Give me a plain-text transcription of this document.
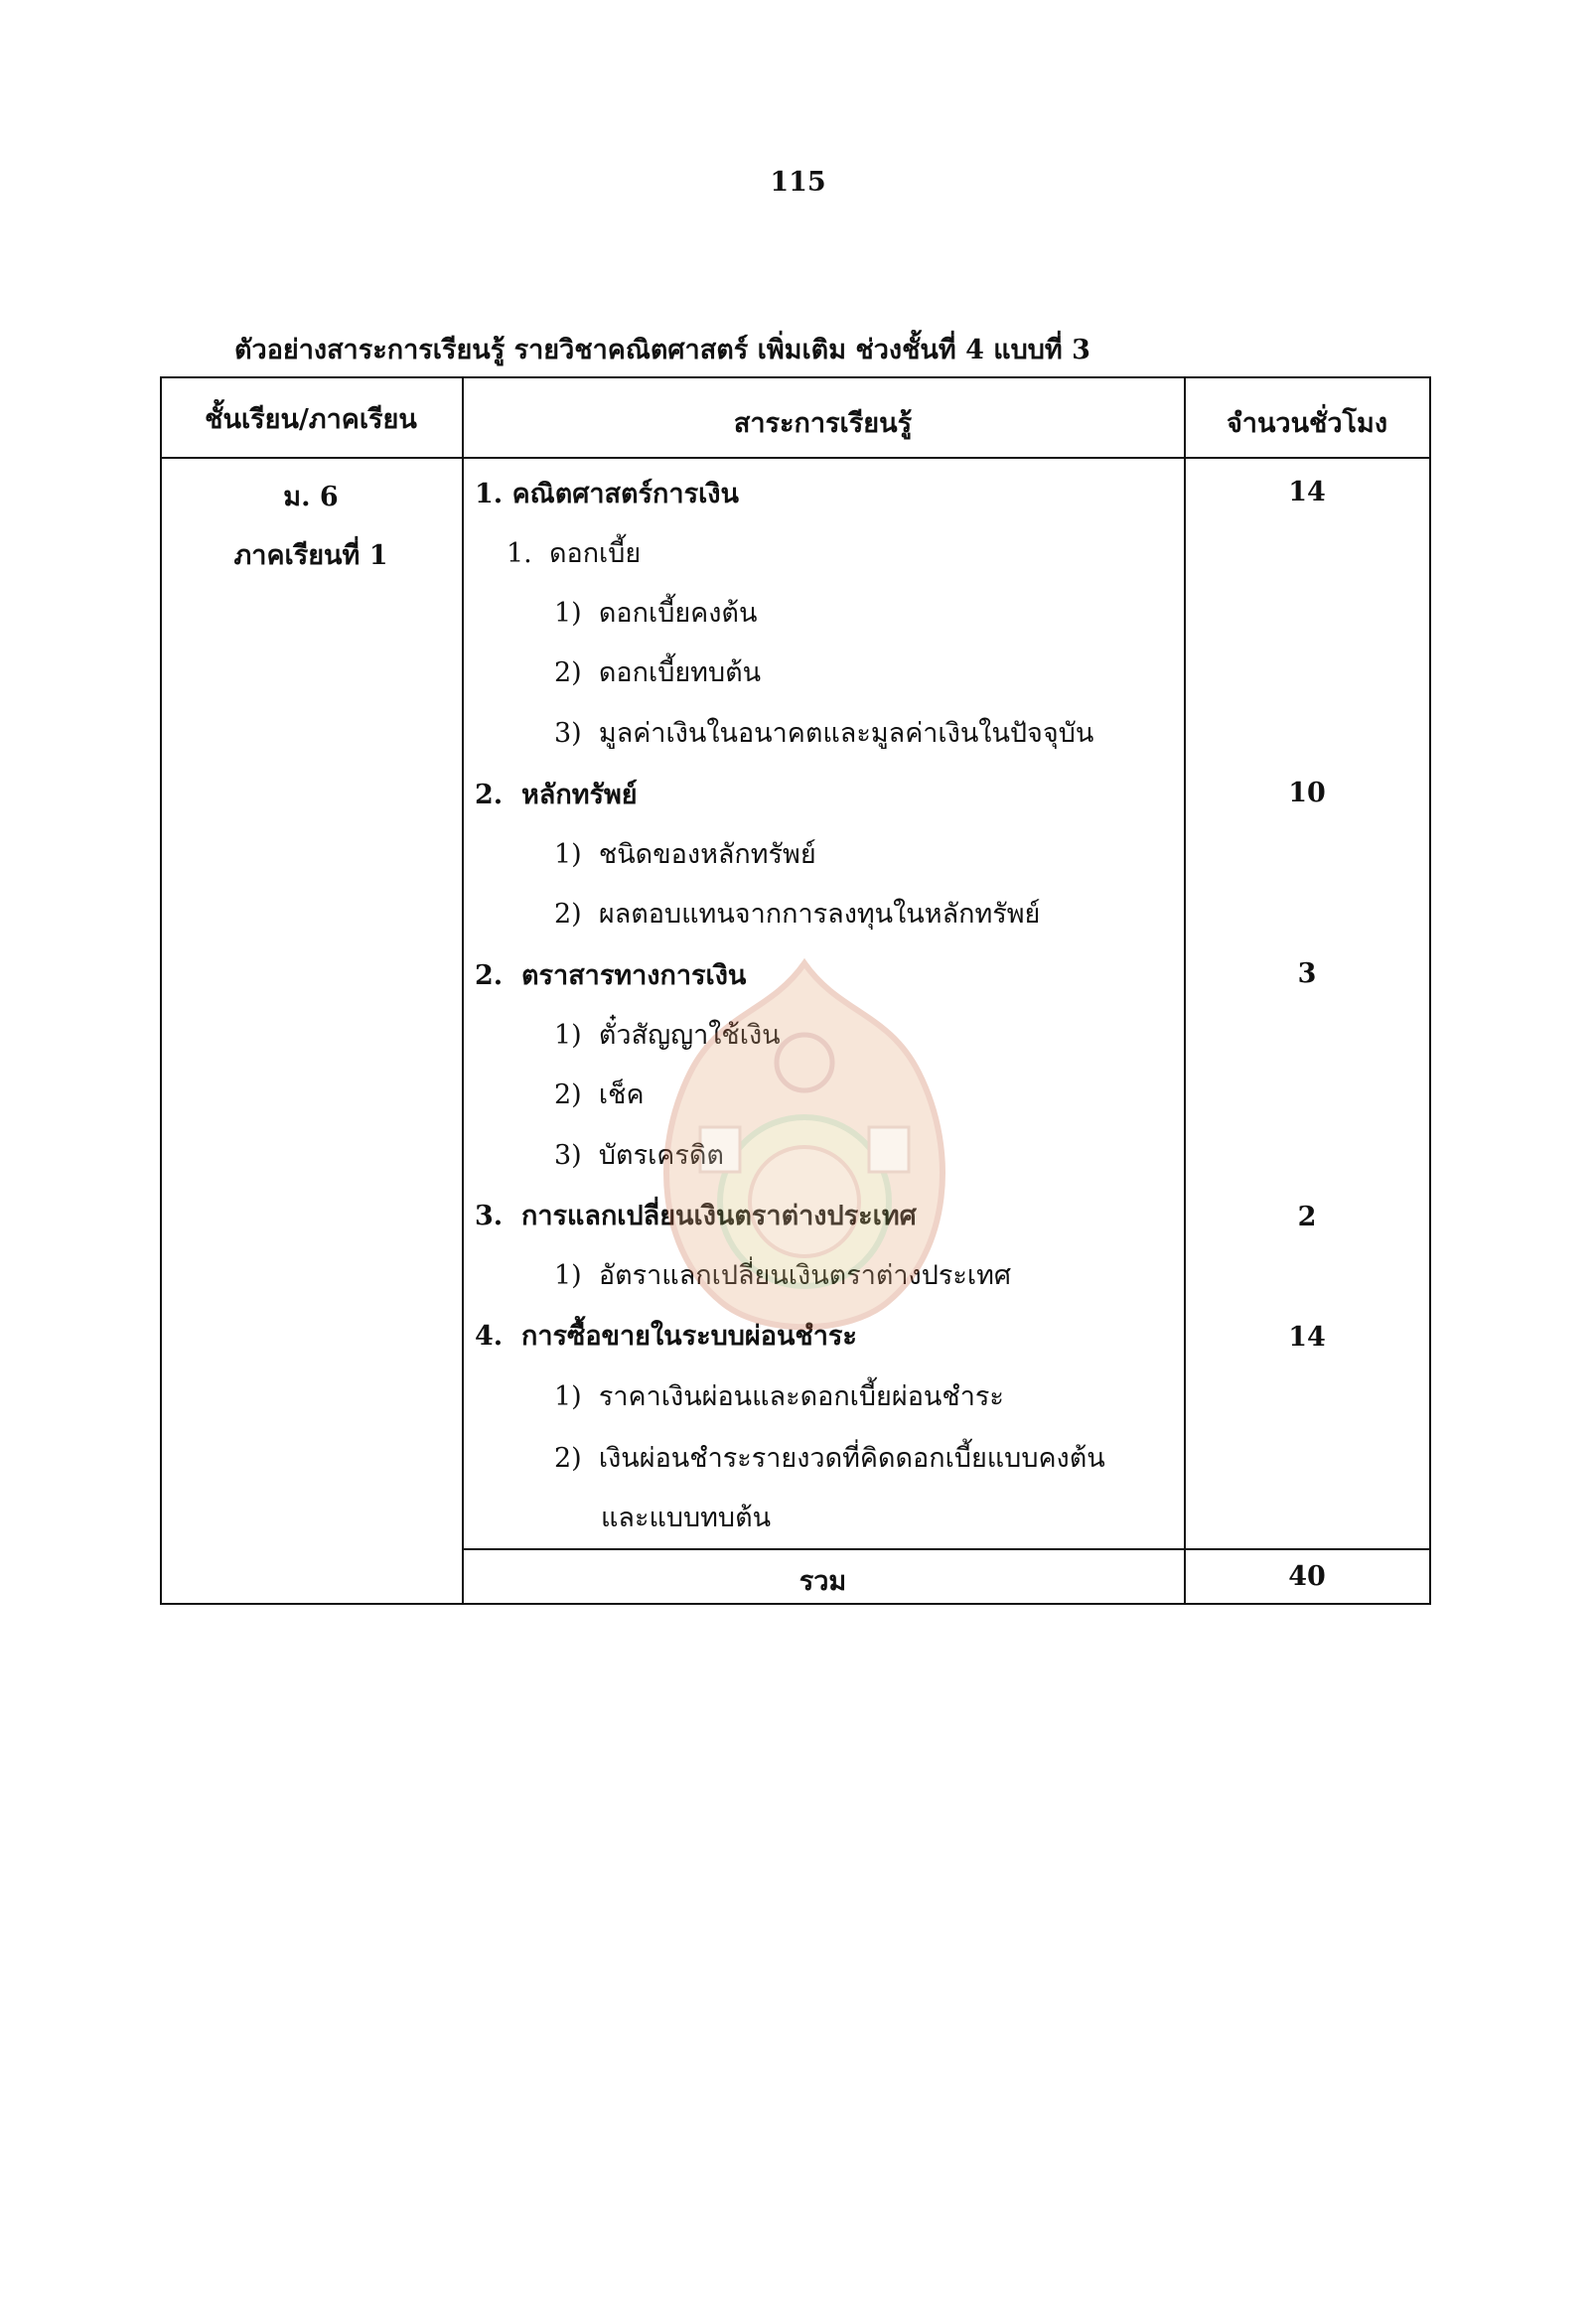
115
ตัวอย่างสาระการเรียนรู้ รายวิชาคณิตศาสตร์ เพิ่มเติม ช่วงชั้นที่ 4 แบบที่ 3
ชั้นเรียน/ภาคเรียน	สาระการเรียนรู้	จำนวนชั่วโมง
ม. 6
ภาคเรียนที่ 1
1. คณิตศาสตร์การเงิน	14
1. ดอกเบี้ย
1) ดอกเบี้ยคงต้น
2) ดอกเบี้ยทบต้น
3) มูลค่าเงินในอนาคตและมูลค่าเงินในปัจจุบัน
2. หลักทรัพย์	10
1) ชนิดของหลักทรัพย์
2) ผลตอบแทนจากการลงทุนในหลักทรัพย์
2. ตราสารทางการเงิน	3
1) ตั๋วสัญญาใช้เงิน
2) เช็ค
3) บัตรเครดิต
3. การแลกเปลี่ยนเงินตราต่างประเทศ	2
1) อัตราแลกเปลี่ยนเงินตราต่างประเทศ
4. การซื้อขายในระบบผ่อนชำระ	14
1) ราคาเงินผ่อนและดอกเบี้ยผ่อนชำระ
2) เงินผ่อนชำระรายงวดที่คิดดอกเบี้ยแบบคงต้น
และแบบทบต้น
รวม	40
